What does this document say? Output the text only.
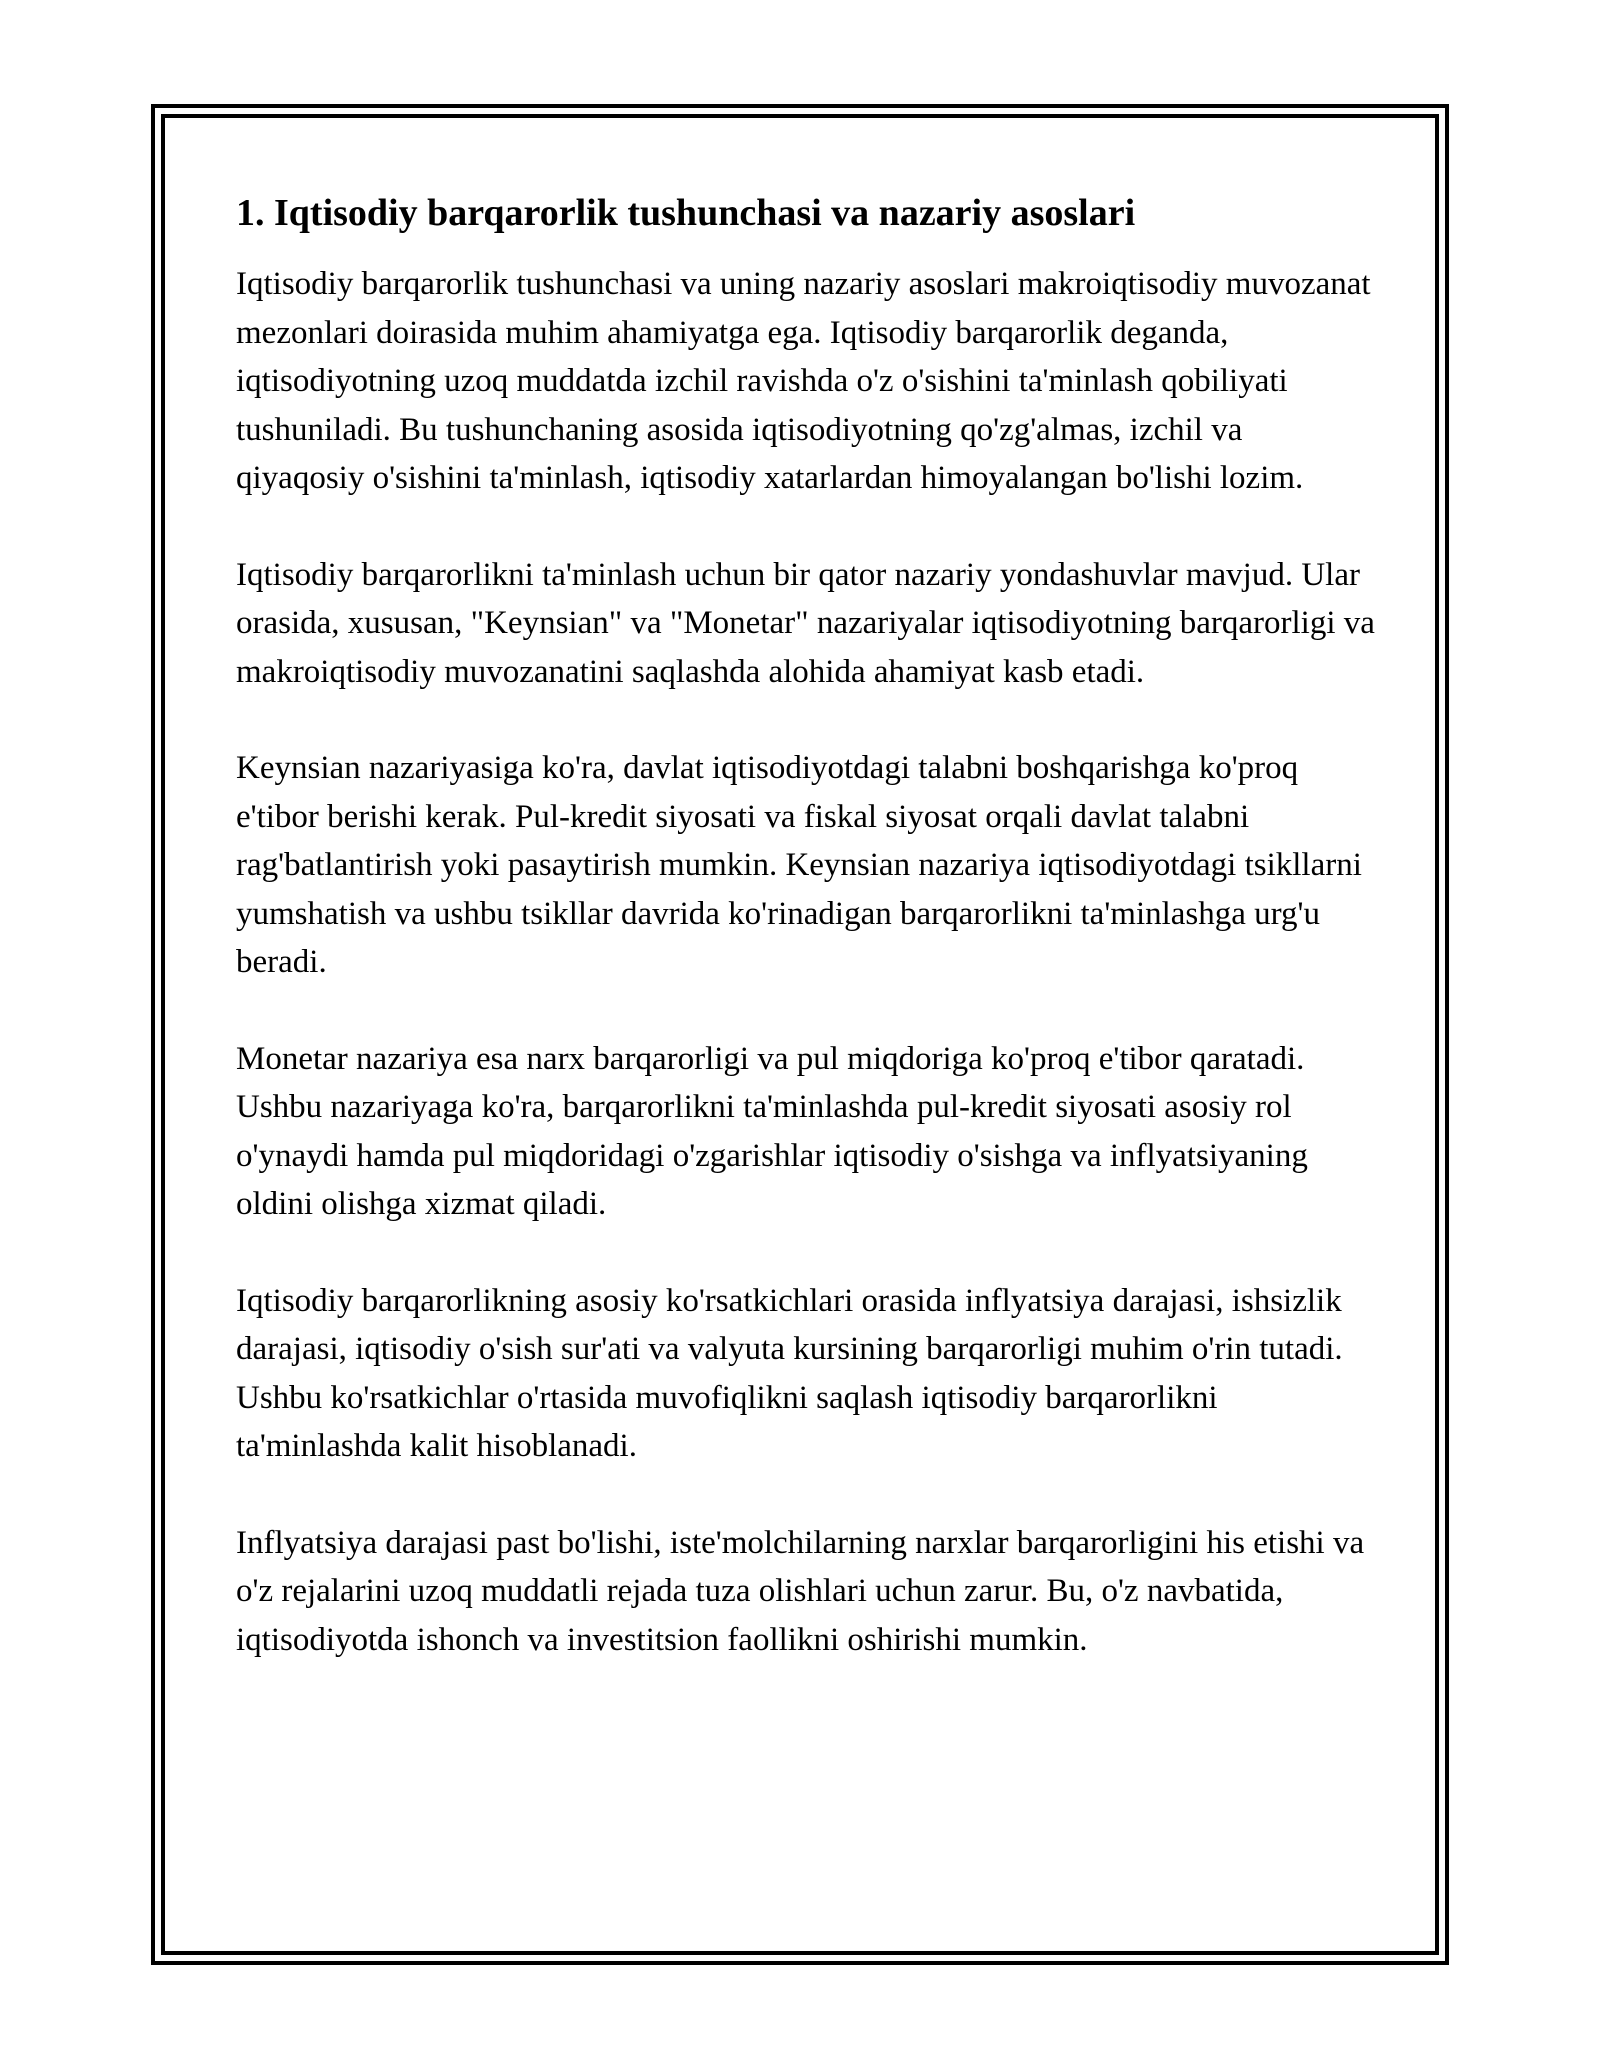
1. Iqtisodiy barqarorlik tushunchasi va nazariy asoslari

Iqtisodiy barqarorlik tushunchasi va uning nazariy asoslari makroiqtisodiy muvozanat mezonlari doirasida muhim ahamiyatga ega. Iqtisodiy barqarorlik deganda, iqtisodiyotning uzoq muddatda izchil ravishda o'z o'sishini ta'minlash qobiliyati tushuniladi. Bu tushunchaning asosida iqtisodiyotning qo'zg'almas, izchil va qiyaqosiy o'sishini ta'minlash, iqtisodiy xatarlardan himoyalangan bo'lishi lozim.

Iqtisodiy barqarorlikni ta'minlash uchun bir qator nazariy yondashuvlar mavjud. Ular orasida, xususan, "Keynsian" va "Monetar" nazariyalar iqtisodiyotning barqarorligi va makroiqtisodiy muvozanatini saqlashda alohida ahamiyat kasb etadi.

Keynsian nazariyasiga ko'ra, davlat iqtisodiyotdagi talabni boshqarishga ko'proq e'tibor berishi kerak. Pul-kredit siyosati va fiskal siyosat orqali davlat talabni rag'batlantirish yoki pasaytirish mumkin. Keynsian nazariya iqtisodiyotdagi tsikllarni yumshatish va ushbu tsikllar davrida ko'rinadigan barqarorlikni ta'minlashga urg'u beradi.

Monetar nazariya esa narx barqarorligi va pul miqdoriga ko'proq e'tibor qaratadi. Ushbu nazariyaga ko'ra, barqarorlikni ta'minlashda pul-kredit siyosati asosiy rol o'ynaydi hamda pul miqdoridagi o'zgarishlar iqtisodiy o'sishga va inflyatsiyaning oldini olishga xizmat qiladi.

Iqtisodiy barqarorlikning asosiy ko'rsatkichlari orasida inflyatsiya darajasi, ishsizlik darajasi, iqtisodiy o'sish sur'ati va valyuta kursining barqarorligi muhim o'rin tutadi. Ushbu ko'rsatkichlar o'rtasida muvofiqlikni saqlash iqtisodiy barqarorlikni ta'minlashda kalit hisoblanadi.

Inflyatsiya darajasi past bo'lishi, iste'molchilarning narxlar barqarorligini his etishi va o'z rejalarini uzoq muddatli rejada tuza olishlari uchun zarur. Bu, o'z navbatida, iqtisodiyotda ishonch va investitsion faollikni oshirishi mumkin.
